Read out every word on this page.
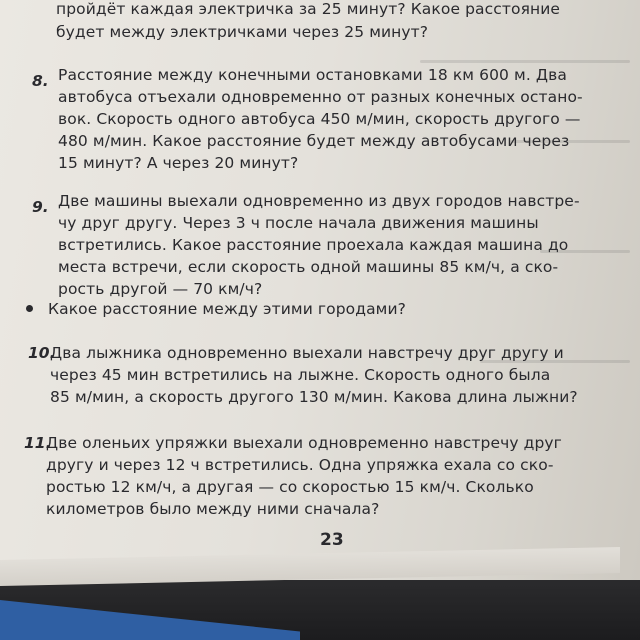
пройдёт каждая электричка за 25 минут? Какое расстояние
будет между электричками через 25 минут?
8. Расстояние между конечными остановками 18 км 600 м. Два
автобуса отъехали одновременно от разных конечных остано-
вок. Скорость одного автобуса 450 м/мин, скорость другого —
480 м/мин. Какое расстояние будет между автобусами через
15 минут? А через 20 минут?
9. Две машины выехали одновременно из двух городов навстре-
чу друг другу. Через 3 ч после начала движения машины
встретились. Какое расстояние проехала каждая машина до
места встречи, если скорость одной машины 85 км/ч, а ско-
рость другой — 70 км/ч?
Какое расстояние между этими городами?
10.
Два лыжника одновременно выехали навстречу друг другу и
через 45 мин встретились на лыжне. Скорость одного была
85 м/мин, а скорость другого 130 м/мин. Какова длина лыжни?
11.
Две оленьих упряжки выехали одновременно навстречу друг
другу и через 12 ч встретились. Одна упряжка ехала со ско-
ростью 12 км/ч, а другая — со скоростью 15 км/ч. Сколько
километров было между ними сначала?
23
